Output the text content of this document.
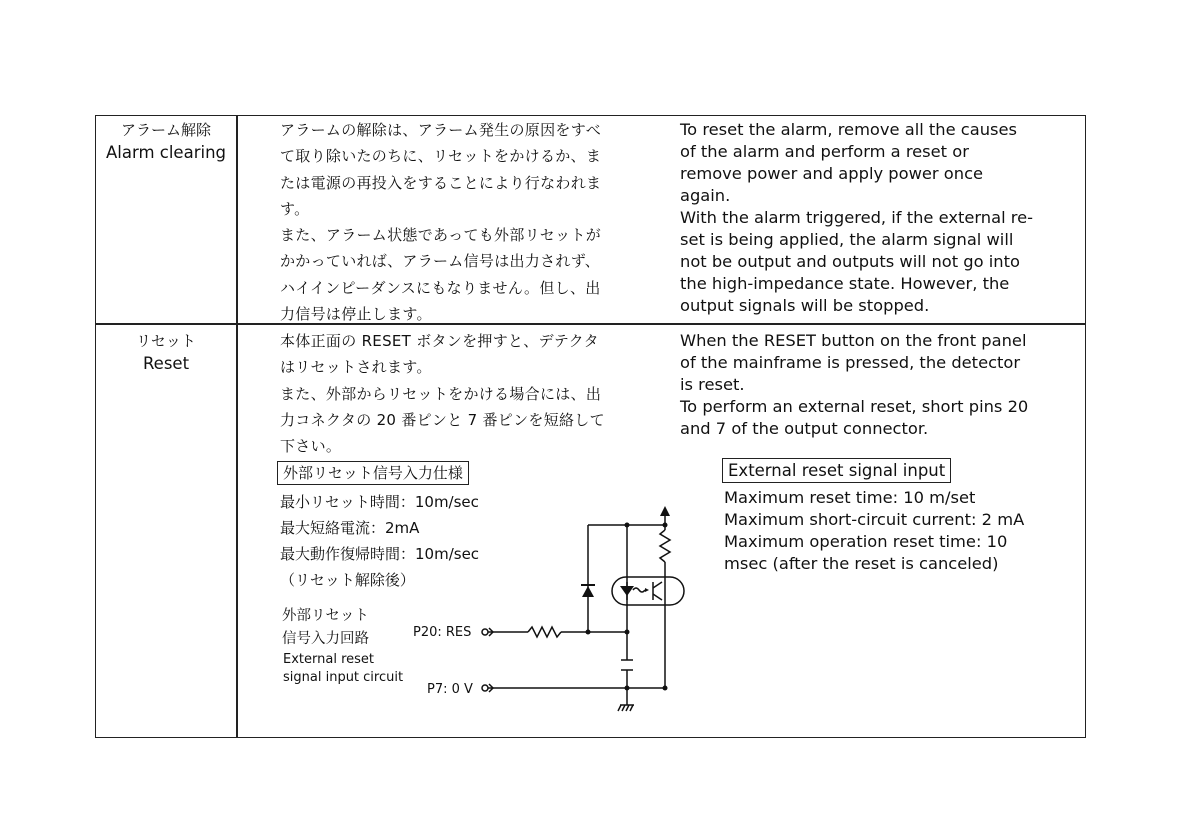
アラーム解除
Alarm clearing
アラームの解除は、アラーム発生の原因をすべ
て取り除いたのちに、リセットをかけるか、ま
たは電源の再投入をすることにより行なわれま
す。
また、アラーム状態であっても外部リセットが
かかっていれば、アラーム信号は出力されず、
ハイインピーダンスにもなりません。但し、出
力信号は停止します。
To reset the alarm, remove all the causes
of the alarm and perform a reset or
remove power and apply power once
again.
With the alarm triggered, if the external re-
set is being applied, the alarm signal will
not be output and outputs will not go into
the high-impedance state. However, the
output signals will be stopped.
リセット
Reset
本体正面の RESET ボタンを押すと、デテクタ
はリセットされます。
また、外部からリセットをかける場合には、出
力コネクタの 20 番ピンと 7 番ピンを短絡して
下さい。
When the RESET button on the front panel
of the mainframe is pressed, the detector
is reset.
To perform an external reset, short pins 20
and 7 of the output connector.
外部リセット信号入力仕様
最小リセット時間：10m/sec
最大短絡電流：2mA
最大動作復帰時間：10m/sec
（リセット解除後）
External reset signal input
Maximum reset time: 10 m/set
Maximum short-circuit current: 2 mA
Maximum operation reset time: 10
msec (after the reset is canceled)
外部リセット
信号入力回路
External reset
signal input circuit
P20: RES
P7: 0 V
